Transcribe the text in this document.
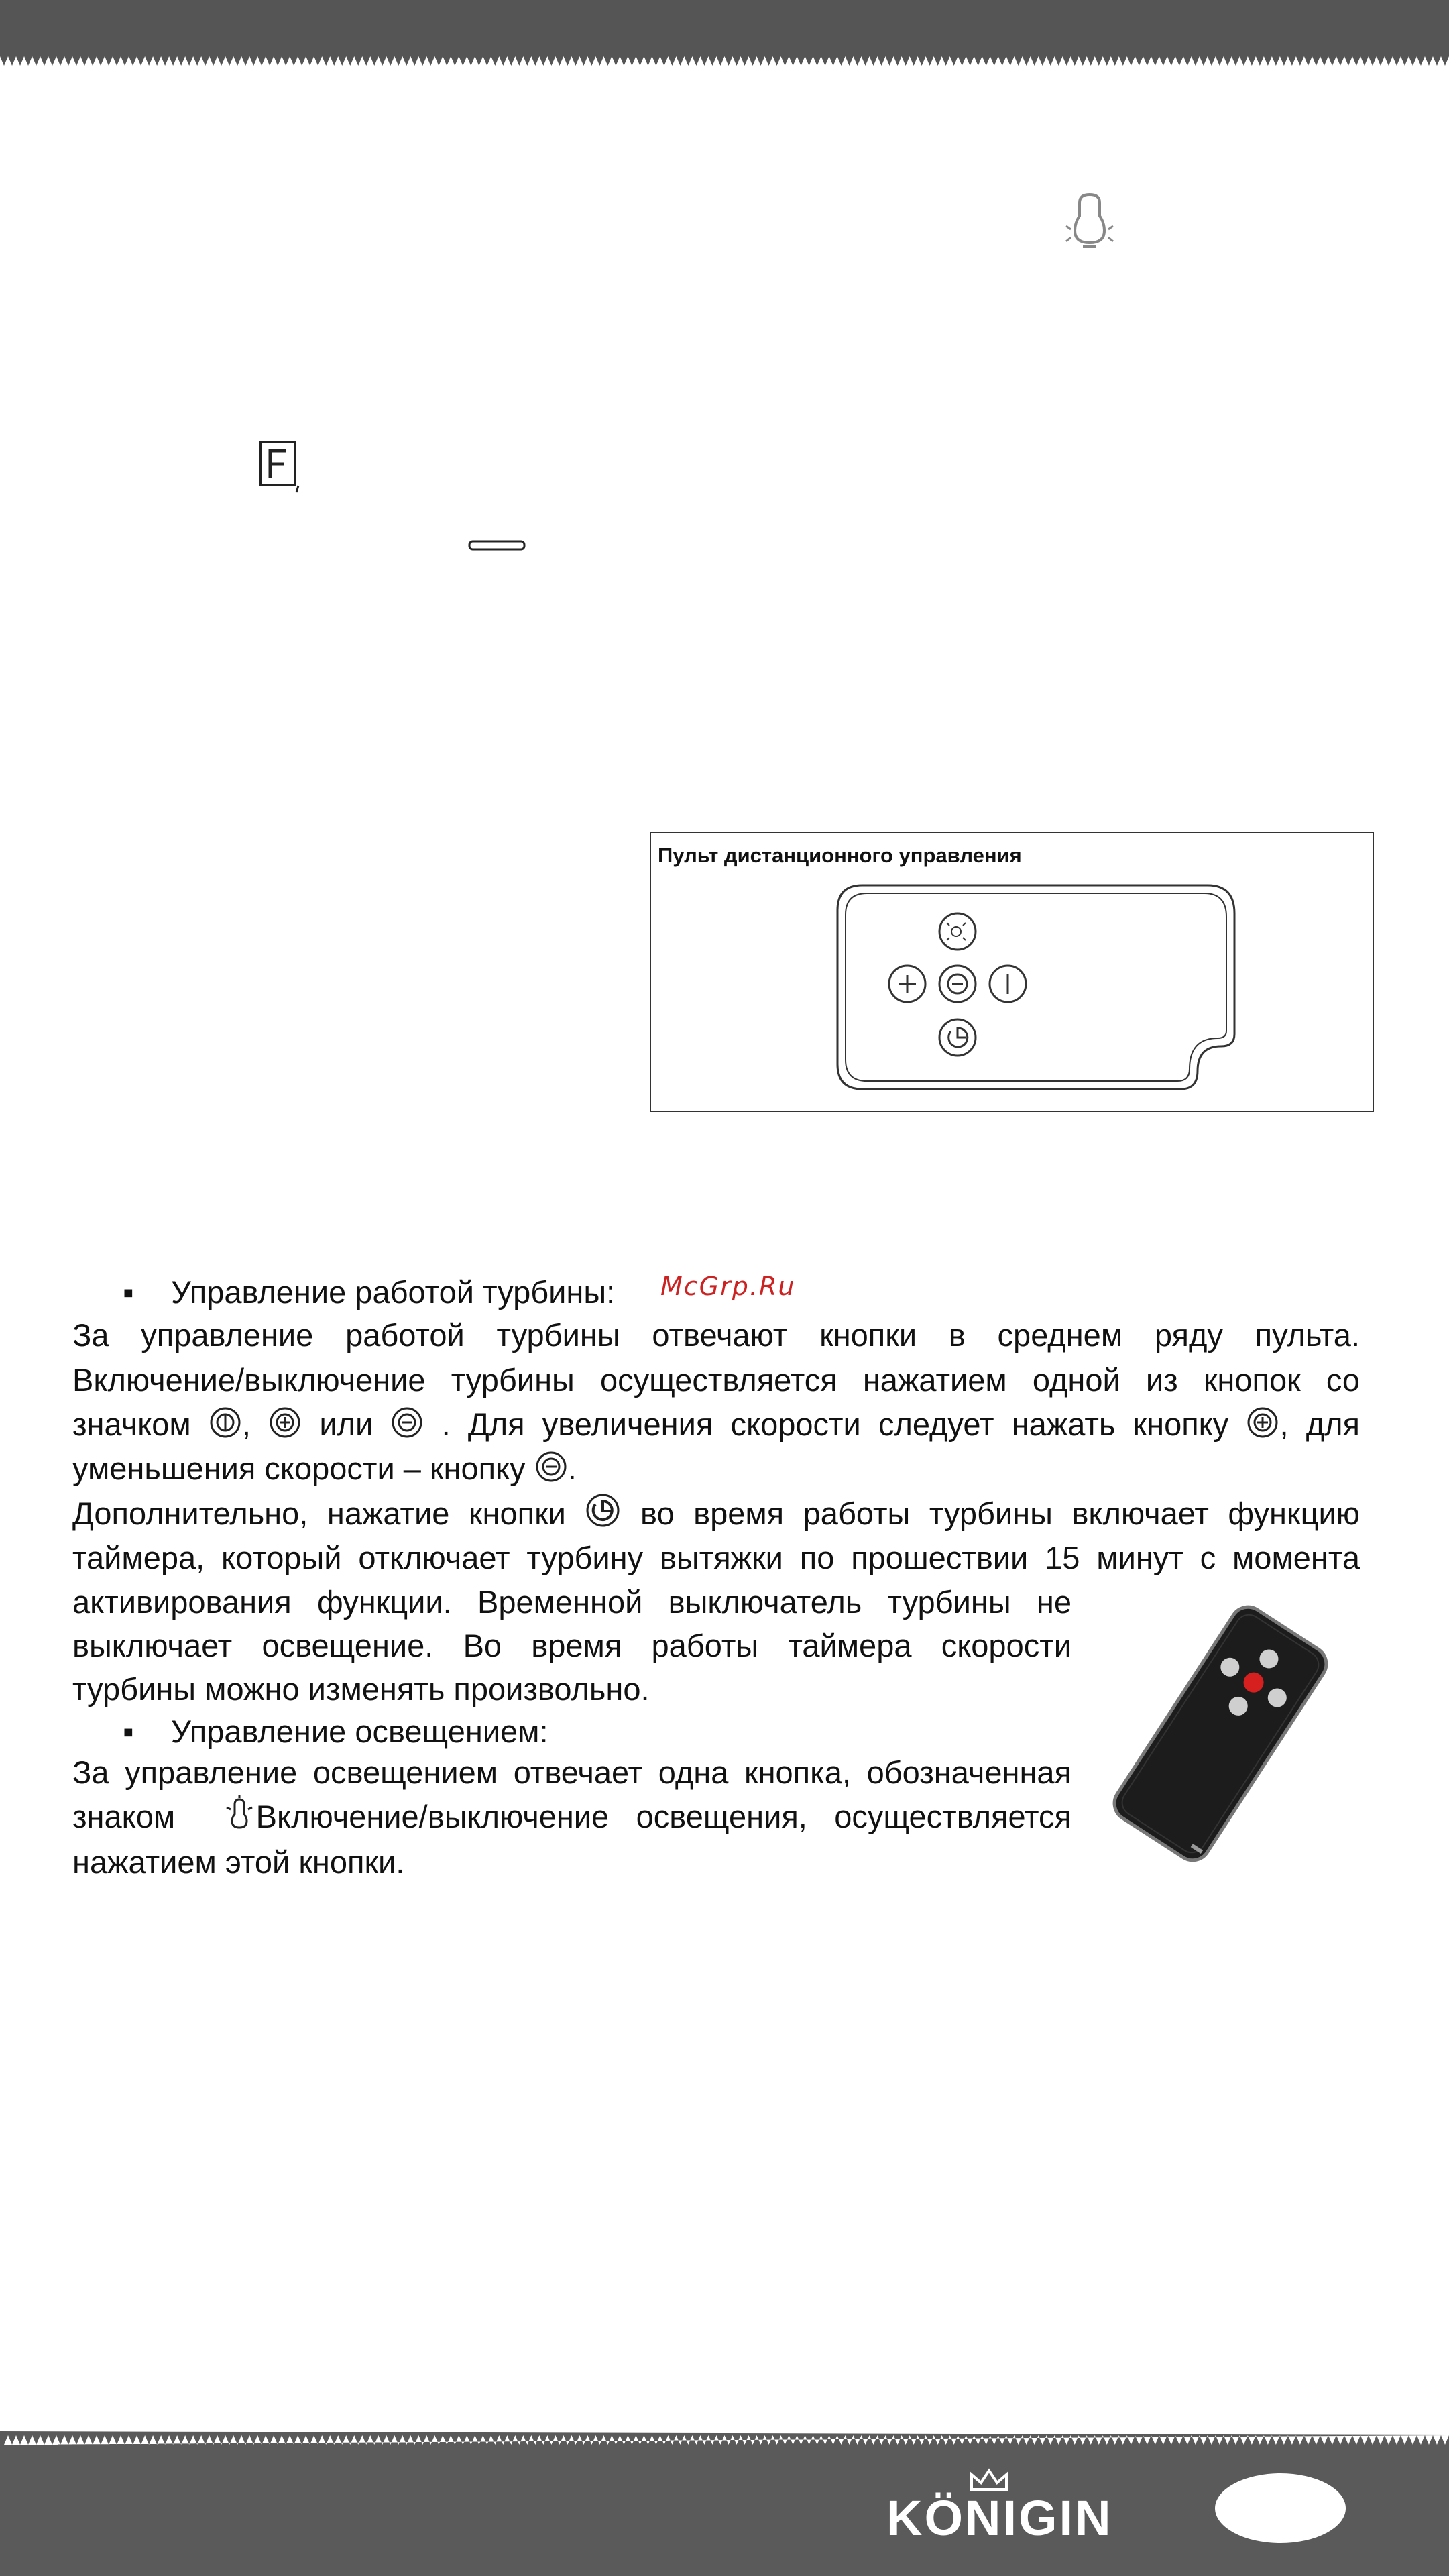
Пульт дистанционного управления
▪ Управление работой турбины: McGrp.Ru
За управление работой турбины отвечают кнопки в среднем ряду пульта.
Включение/выключение турбины осуществляется нажатием одной из кнопок со
значком , или . Для увеличения скорости следует нажать кнопку , для
уменьшения скорости – кнопку .
Дополнительно, нажатие кнопки во время работы турбины включает функцию
таймера, который отключает турбину вытяжки по прошествии 15 минут с момента
активирования функции. Временной выключатель турбины не
выключает освещение. Во время работы таймера скорости
турбины можно изменять произвольно.
▪ Управление освещением:
За управление освещением отвечает одна кнопка, обозначенная
знаком	Включение/выключение освещения, осуществляется
нажатием этой кнопки.
KÖNIGIN
